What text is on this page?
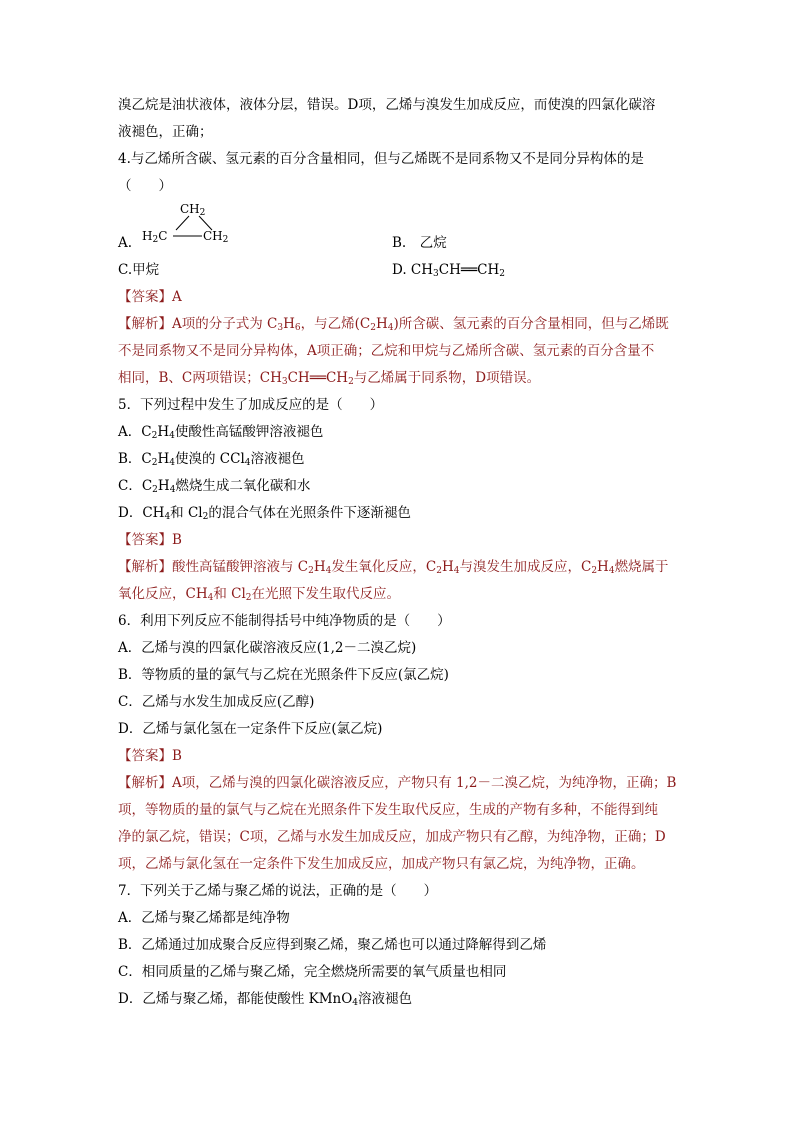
溴乙烷是油状液体，液体分层，错误。D项，乙烯与溴发生加成反应，而使溴的四氯化碳溶
液褪色，正确；
4.与乙烯所含碳、氢元素的百分含量相同，但与乙烯既不是同系物又不是同分异构体的是
（　　）
A.
$CH_2$
$H_2C$	$CH_2$	B.　乙烷
C.甲烷	D. $CH_3CH══CH_2$
【答案】A
【解析】A项的分子式为 $C_3H_6$，与乙烯$(C_2H_4)$所含碳、氢元素的百分含量相同，但与乙烯既
不是同系物又不是同分异构体，A项正确；乙烷和甲烷与乙烯所含碳、氢元素的百分含量不
相同，B、C两项错误；$CH_3CH══CH_2$与乙烯属于同系物，D项错误。
5．下列过程中发生了加成反应的是（　　）
A．$C_2H_4$使酸性高锰酸钾溶液褪色
B．$C_2H_4$使溴的 CCl$_4$溶液褪色
C．$C_2H_4$燃烧生成二氧化碳和水
D．$CH_4$和 $Cl_2$的混合气体在光照条件下逐渐褪色
【答案】B
【解析】酸性高锰酸钾溶液与 $C_2H_4$发生氧化反应，$C_2H_4$与溴发生加成反应，$C_2H_4$燃烧属于
氧化反应，$CH_4$和 $Cl_2$在光照下发生取代反应。
6．利用下列反应不能制得括号中纯净物质的是（　　）
A．乙烯与溴的四氯化碳溶液反应(1,2－二溴乙烷)
B．等物质的量的氯气与乙烷在光照条件下反应(氯乙烷)
C．乙烯与水发生加成反应(乙醇)
D．乙烯与氯化氢在一定条件下反应(氯乙烷)
【答案】B
【解析】A项，乙烯与溴的四氯化碳溶液反应，产物只有 1,2－二溴乙烷，为纯净物，正确；B
项，等物质的量的氯气与乙烷在光照条件下发生取代反应，生成的产物有多种，不能得到纯
净的氯乙烷，错误；C项，乙烯与水发生加成反应，加成产物只有乙醇，为纯净物，正确；D
项，乙烯与氯化氢在一定条件下发生加成反应，加成产物只有氯乙烷，为纯净物，正确。
7．下列关于乙烯与聚乙烯的说法，正确的是（　　）
A．乙烯与聚乙烯都是纯净物
B．乙烯通过加成聚合反应得到聚乙烯，聚乙烯也可以通过降解得到乙烯
C．相同质量的乙烯与聚乙烯，完全燃烧所需要的氧气质量也相同
D．乙烯与聚乙烯，都能使酸性 KMnO$_4$溶液褪色
